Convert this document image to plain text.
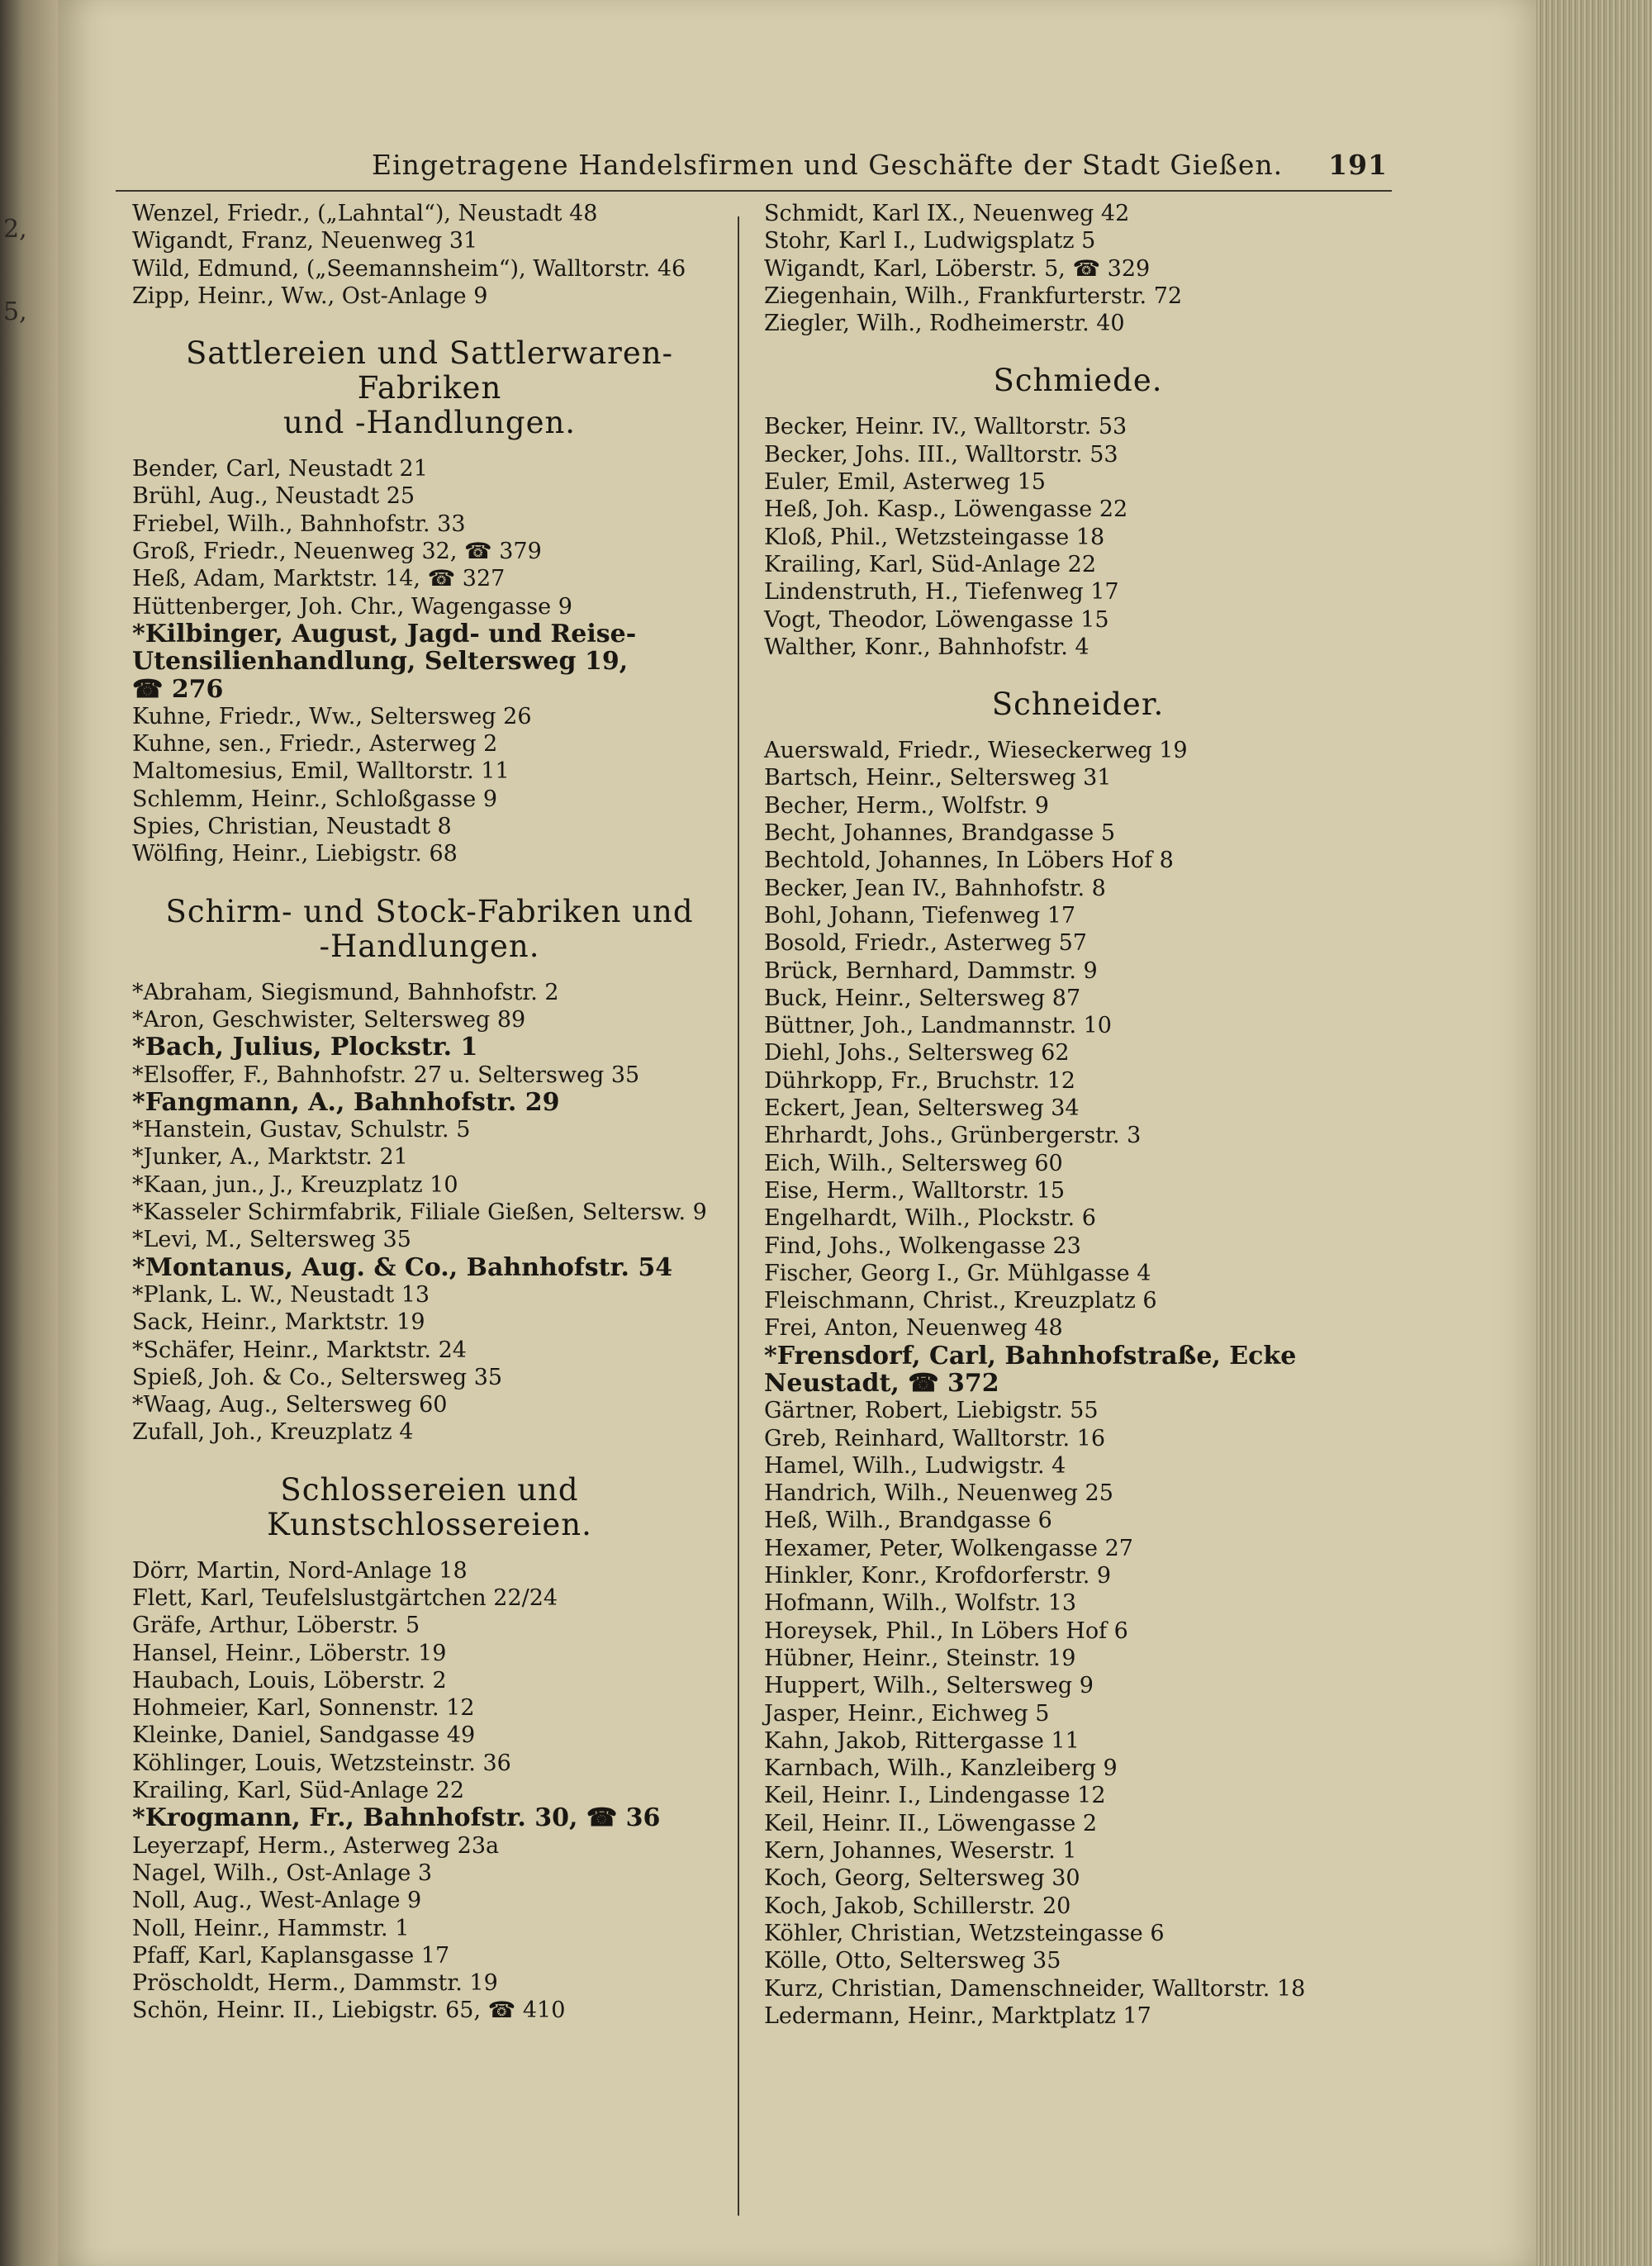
2,
5,
Eingetragene Handelsfirmen und Geschäfte der Stadt Gießen. 191
Wenzel, Friedr., („Lahntal“), Neustadt 48
Wigandt, Franz, Neuenweg 31
Wild, Edmund, („Seemannsheim“), Walltorstr. 46
Zipp, Heinr., Ww., Ost-Anlage 9
Sattlereien und Sattlerwaren-Fabriken
und -Handlungen.
Bender, Carl, Neustadt 21
Brühl, Aug., Neustadt 25
Friebel, Wilh., Bahnhofstr. 33
Groß, Friedr., Neuenweg 32, ☎ 379
Heß, Adam, Marktstr. 14, ☎ 327
Hüttenberger, Joh. Chr., Wagengasse 9
*Kilbinger, August, Jagd- und Reise-
Utensilienhandlung, Seltersweg 19,
☎ 276
Kuhne, Friedr., Ww., Seltersweg 26
Kuhne, sen., Friedr., Asterweg 2
Maltomesius, Emil, Walltorstr. 11
Schlemm, Heinr., Schloßgasse 9
Spies, Christian, Neustadt 8
Wölfing, Heinr., Liebigstr. 68
Schirm- und Stock-Fabriken und
-Handlungen.
*Abraham, Siegismund, Bahnhofstr. 2
*Aron, Geschwister, Seltersweg 89
*Bach, Julius, Plockstr. 1
*Elsoffer, F., Bahnhofstr. 27 u. Seltersweg 35
*Fangmann, A., Bahnhofstr. 29
*Hanstein, Gustav, Schulstr. 5
*Junker, A., Marktstr. 21
*Kaan, jun., J., Kreuzplatz 10
*Kasseler Schirmfabrik, Filiale Gießen, Seltersw. 9
*Levi, M., Seltersweg 35
*Montanus, Aug. & Co., Bahnhofstr. 54
*Plank, L. W., Neustadt 13
Sack, Heinr., Marktstr. 19
*Schäfer, Heinr., Marktstr. 24
Spieß, Joh. & Co., Seltersweg 35
*Waag, Aug., Seltersweg 60
Zufall, Joh., Kreuzplatz 4
Schlossereien und Kunstschlossereien.
Dörr, Martin, Nord-Anlage 18
Flett, Karl, Teufelslustgärtchen 22/24
Gräfe, Arthur, Löberstr. 5
Hansel, Heinr., Löberstr. 19
Haubach, Louis, Löberstr. 2
Hohmeier, Karl, Sonnenstr. 12
Kleinke, Daniel, Sandgasse 49
Köhlinger, Louis, Wetzsteinstr. 36
Krailing, Karl, Süd-Anlage 22
*Krogmann, Fr., Bahnhofstr. 30, ☎ 36
Leyerzapf, Herm., Asterweg 23a
Nagel, Wilh., Ost-Anlage 3
Noll, Aug., West-Anlage 9
Noll, Heinr., Hammstr. 1
Pfaff, Karl, Kaplansgasse 17
Pröscholdt, Herm., Dammstr. 19
Schön, Heinr. II., Liebigstr. 65, ☎ 410
Schmidt, Karl IX., Neuenweg 42
Stohr, Karl I., Ludwigsplatz 5
Wigandt, Karl, Löberstr. 5, ☎ 329
Ziegenhain, Wilh., Frankfurterstr. 72
Ziegler, Wilh., Rodheimerstr. 40
Schmiede.
Becker, Heinr. IV., Walltorstr. 53
Becker, Johs. III., Walltorstr. 53
Euler, Emil, Asterweg 15
Heß, Joh. Kasp., Löwengasse 22
Kloß, Phil., Wetzsteingasse 18
Krailing, Karl, Süd-Anlage 22
Lindenstruth, H., Tiefenweg 17
Vogt, Theodor, Löwengasse 15
Walther, Konr., Bahnhofstr. 4
Schneider.
Auerswald, Friedr., Wieseckerweg 19
Bartsch, Heinr., Seltersweg 31
Becher, Herm., Wolfstr. 9
Becht, Johannes, Brandgasse 5
Bechtold, Johannes, In Löbers Hof 8
Becker, Jean IV., Bahnhofstr. 8
Bohl, Johann, Tiefenweg 17
Bosold, Friedr., Asterweg 57
Brück, Bernhard, Dammstr. 9
Buck, Heinr., Seltersweg 87
Büttner, Joh., Landmannstr. 10
Diehl, Johs., Seltersweg 62
Dührkopp, Fr., Bruchstr. 12
Eckert, Jean, Seltersweg 34
Ehrhardt, Johs., Grünbergerstr. 3
Eich, Wilh., Seltersweg 60
Eise, Herm., Walltorstr. 15
Engelhardt, Wilh., Plockstr. 6
Find, Johs., Wolkengasse 23
Fischer, Georg I., Gr. Mühlgasse 4
Fleischmann, Christ., Kreuzplatz 6
Frei, Anton, Neuenweg 48
*Frensdorf, Carl, Bahnhofstraße, Ecke
Neustadt, ☎ 372
Gärtner, Robert, Liebigstr. 55
Greb, Reinhard, Walltorstr. 16
Hamel, Wilh., Ludwigstr. 4
Handrich, Wilh., Neuenweg 25
Heß, Wilh., Brandgasse 6
Hexamer, Peter, Wolkengasse 27
Hinkler, Konr., Krofdorferstr. 9
Hofmann, Wilh., Wolfstr. 13
Horeysek, Phil., In Löbers Hof 6
Hübner, Heinr., Steinstr. 19
Huppert, Wilh., Seltersweg 9
Jasper, Heinr., Eichweg 5
Kahn, Jakob, Rittergasse 11
Karnbach, Wilh., Kanzleiberg 9
Keil, Heinr. I., Lindengasse 12
Keil, Heinr. II., Löwengasse 2
Kern, Johannes, Weserstr. 1
Koch, Georg, Seltersweg 30
Koch, Jakob, Schillerstr. 20
Köhler, Christian, Wetzsteingasse 6
Kölle, Otto, Seltersweg 35
Kurz, Christian, Damenschneider, Walltorstr. 18
Ledermann, Heinr., Marktplatz 17
